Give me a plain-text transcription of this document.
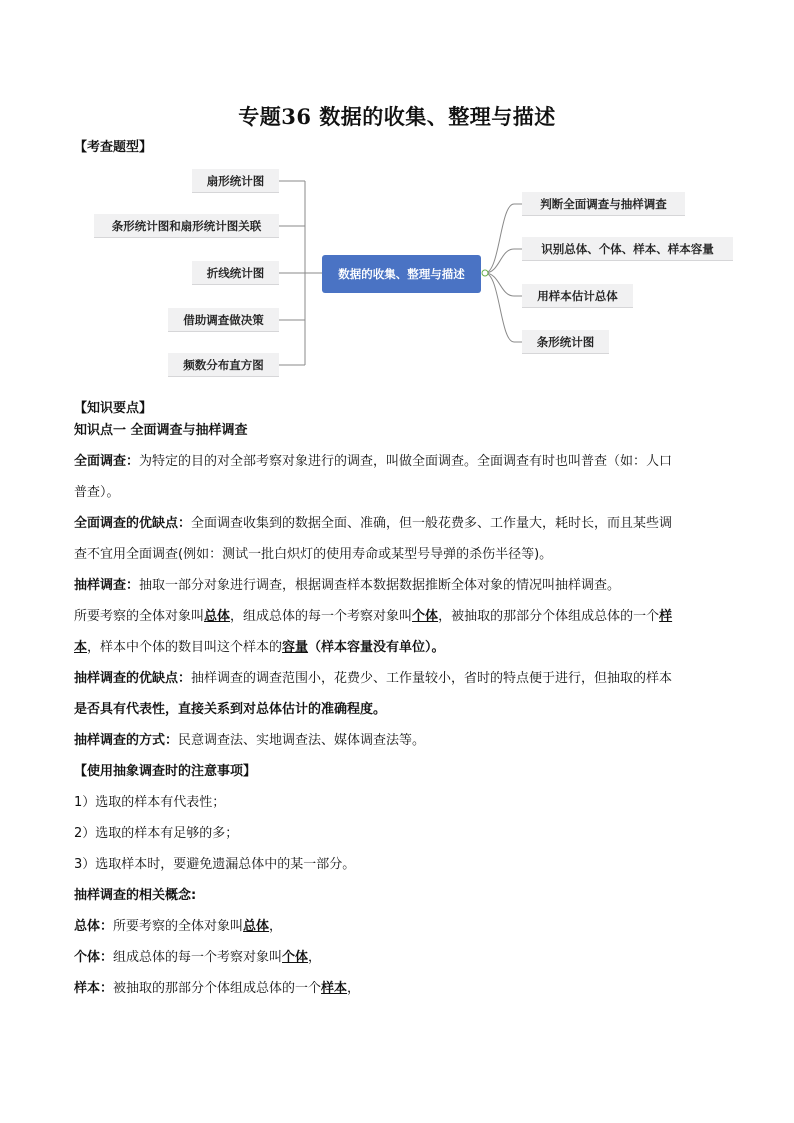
专题36 数据的收集、整理与描述
【考查题型】
扇形统计图
条形统计图和扇形统计图关联
折线统计图
借助调查做决策
频数分布直方图
数据的收集、整理与描述
判断全面调查与抽样调查
识别总体、个体、样本、样本容量
用样本估计总体
条形统计图
【知识要点】

知识点一 全面调查与抽样调查

全面调查：为特定的目的对全部考察对象进行的调查，叫做全面调查。全面调查有时也叫普查（如：人口

普查）。

全面调查的优缺点：全面调查收集到的数据全面、准确，但一般花费多、工作量大，耗时长，而且某些调

查不宜用全面调查(例如：测试一批白炽灯的使用寿命或某型号导弹的杀伤半径等)。

抽样调查：抽取一部分对象进行调查，根据调查样本数据数据推断全体对象的情况叫抽样调查。

所要考察的全体对象叫总体，组成总体的每一个考察对象叫个体，被抽取的那部分个体组成总体的一个样

本，样本中个体的数目叫这个样本的容量（样本容量没有单位）。

抽样调查的优缺点：抽样调查的调查范围小，花费少、工作量较小，省时的特点便于进行，但抽取的样本

是否具有代表性，直接关系到对总体估计的准确程度。

抽样调查的方式：民意调查法、实地调查法、媒体调查法等。

【使用抽象调查时的注意事项】

1）选取的样本有代表性；

2）选取的样本有足够的多；

3）选取样本时，要避免遗漏总体中的某一部分。

抽样调查的相关概念:

总体：所要考察的全体对象叫总体，

个体：组成总体的每一个考察对象叫个体，

样本：被抽取的那部分个体组成总体的一个样本，
